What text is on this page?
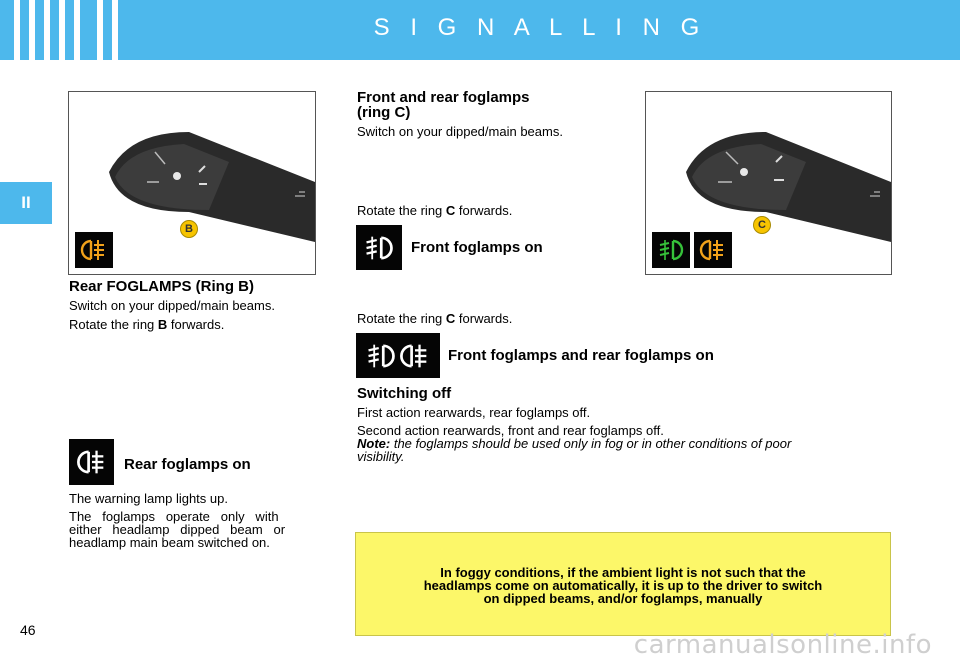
S I G N A L L I N G
II
B	C
Rear FOGLAMPS (Ring B)
Switch on your dipped/main beams.
Rotate the ring B forwards.
Rear foglamps on
The warning lamp lights up.
The   foglamps   operate   only   with
either   headlamp   dipped   beam   or
headlamp main beam switched on.
Front and rear foglamps
(ring C)
Switch on your dipped/main beams.
Rotate the ring C forwards.
Front foglamps on
Rotate the ring C forwards.
Front foglamps and rear foglamps on
Switching off
First action rearwards, rear foglamps off.
Second action rearwards, front and rear foglamps off.
Note: the foglamps should be used only in fog or in other conditions of poor
visibility.
In foggy conditions, if the ambient light is not such that the
headlamps come on automatically, it is up to the driver to switch
on dipped beams, and/or foglamps, manually
46	carmanualsonline.info
